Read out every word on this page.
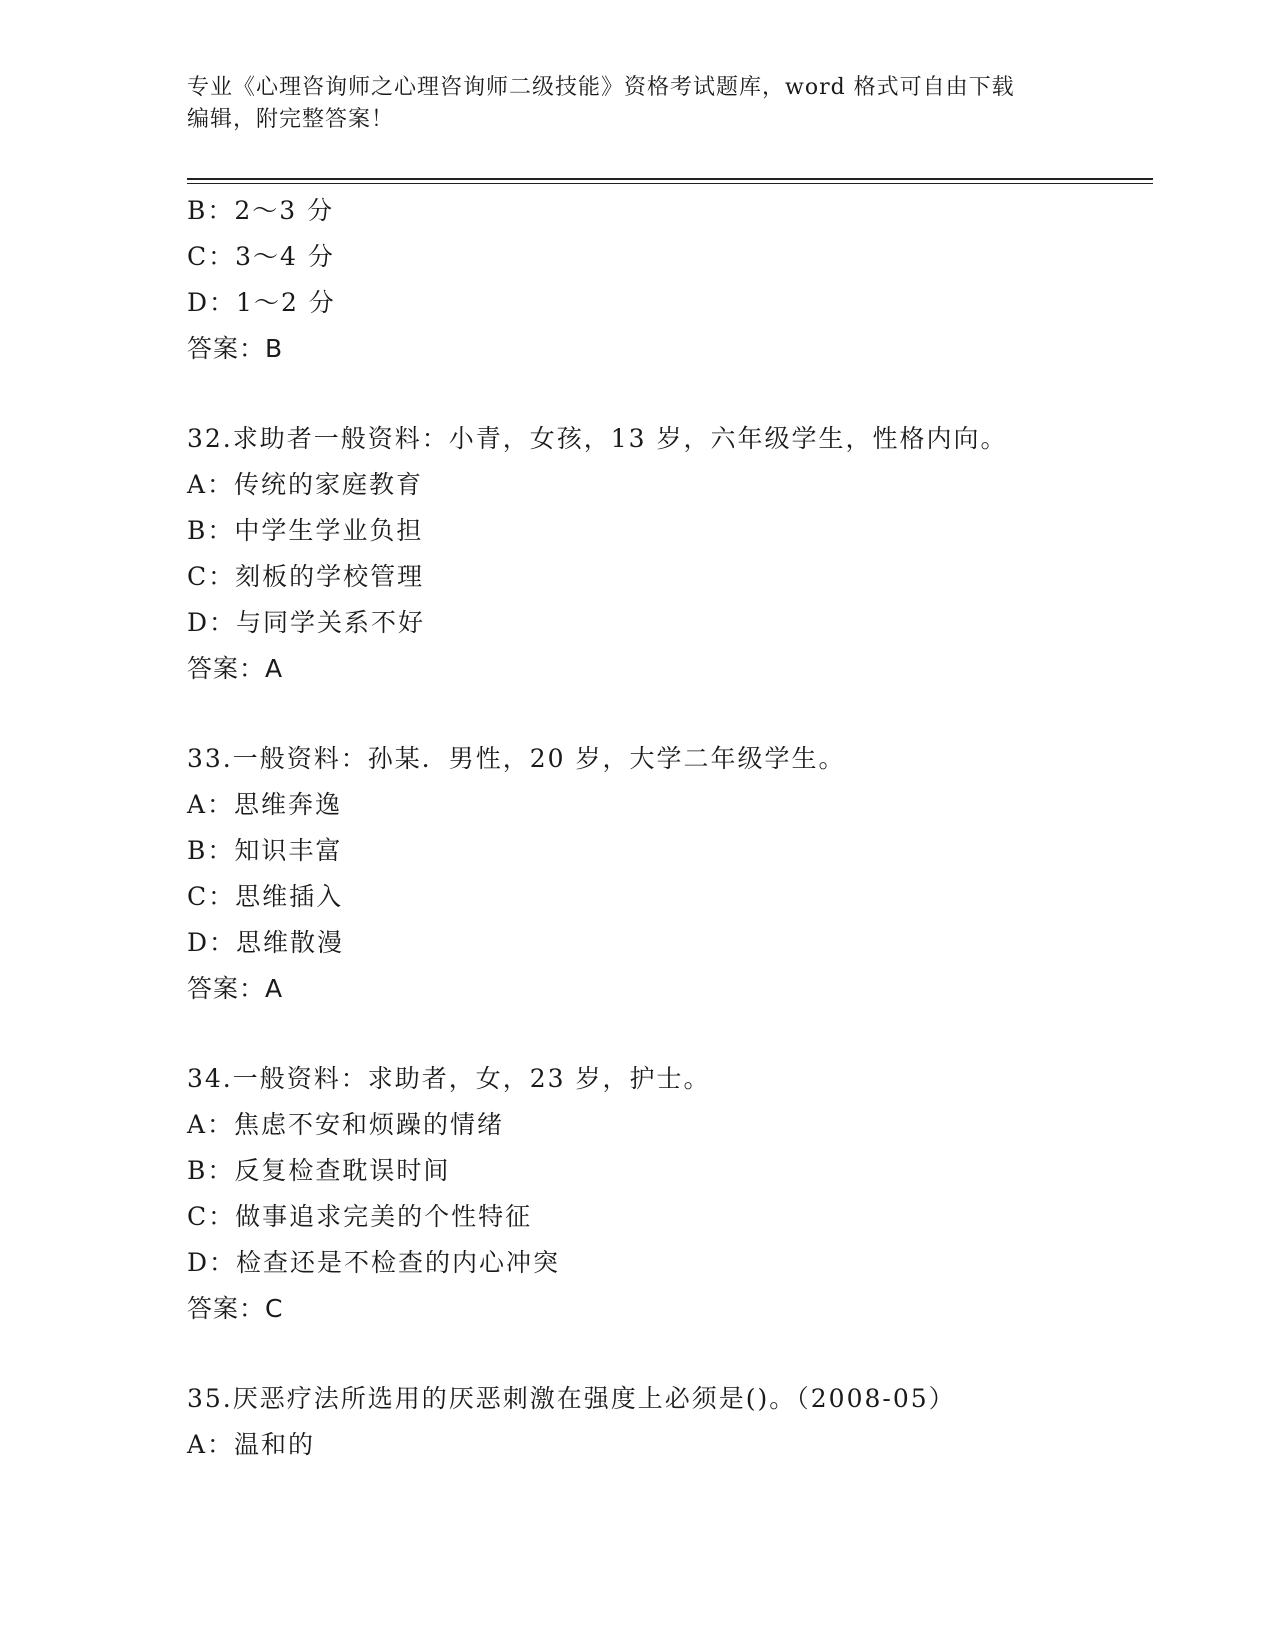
专业《心理咨询师之心理咨询师二级技能》资格考试题库，word 格式可自由下载
编辑，附完整答案！
B：2～3 分
C：3～4 分
D：1～2 分
答案：B
32.求助者一般资料：小青，女孩，13 岁，六年级学生，性格内向。
A：传统的家庭教育
B：中学生学业负担
C：刻板的学校管理
D：与同学关系不好
答案：A
33.一般资料：孙某．男性，20 岁，大学二年级学生。
A：思维奔逸
B：知识丰富
C：思维插入
D：思维散漫
答案：A
34.一般资料：求助者，女，23 岁，护士。
A：焦虑不安和烦躁的情绪
B：反复检查耽误时间
C：做事追求完美的个性特征
D：检查还是不检查的内心冲突
答案：C
35.厌恶疗法所选用的厌恶刺激在强度上必须是()。（2008-05）
A：温和的
